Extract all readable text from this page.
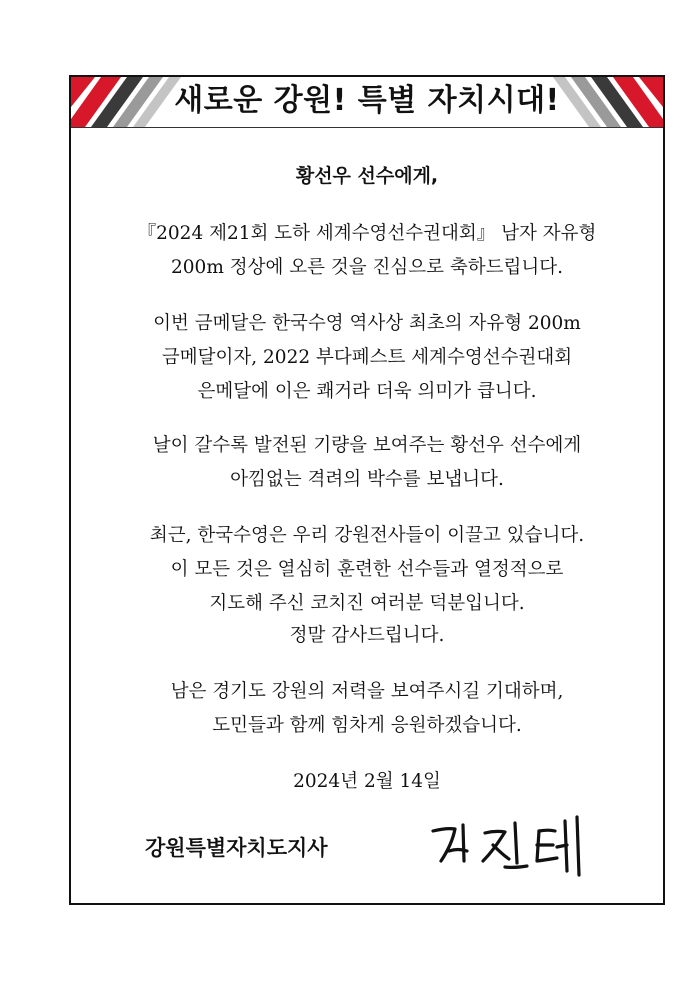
새로운 강원! 특별 자치시대!
황선우 선수에게,
『2024 제21회 도하 세계수영선수권대회』 남자 자유형
200m 정상에 오른 것을 진심으로 축하드립니다.
이번 금메달은 한국수영 역사상 최초의 자유형 200m
금메달이자, 2022 부다페스트 세계수영선수권대회
은메달에 이은 쾌거라 더욱 의미가 큽니다.
날이 갈수록 발전된 기량을 보여주는 황선우 선수에게
아낌없는 격려의 박수를 보냅니다.
최근, 한국수영은 우리 강원전사들이 이끌고 있습니다.
이 모든 것은 열심히 훈련한 선수들과 열정적으로
지도해 주신 코치진 여러분 덕분입니다.
정말 감사드립니다.
남은 경기도 강원의 저력을 보여주시길 기대하며,
도민들과 함께 힘차게 응원하겠습니다.
2024년 2월 14일
강원특별자치도지사
